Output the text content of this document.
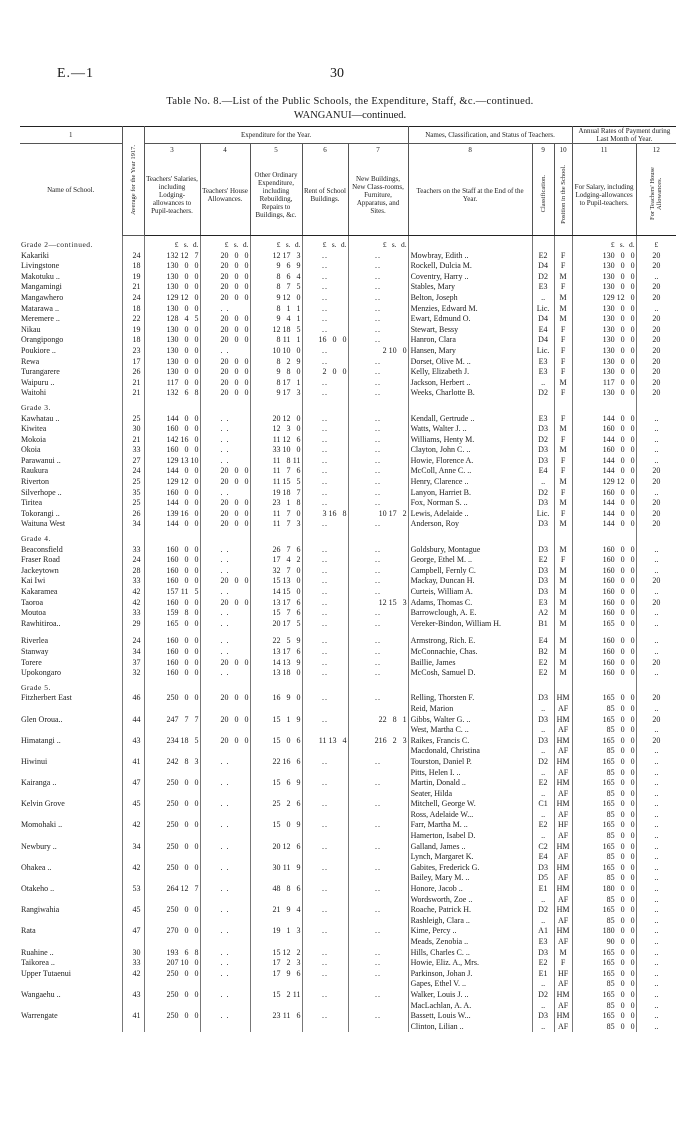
E.—1	30
Table No. 8.—List of the Public Schools, the Expenditure, Staff, &c.—continued.
WANGANUI—continued.
1	Average for the Year 1917.	Expenditure for the Year.					Names, Classification, and Status of Teachers.			Annual Rates of Payment during Last Month of Year.	
Name of School.		3	4	5	6	7	8	9	10	11	12
		Teachers' Salaries, including Lodging-allowances to Pupil-teachers.	Teachers' House Allowances.	Other Ordinary Expenditure, including Rebuilding, Repairs to Buildings, &c.	Rent of School Buildings.	New Buildings, New Class-rooms, Furniture, Apparatus, and Sites.	Teachers on the Staff at the End of the Year.	Classification.	Position in the School.	For Salary, including Lodging-allowances to Pupil-teachers.	For Teachers' House Allowances.
Grade 2—continued.		£ s. d.	£ s. d.	£ s. d.	£ s. d.	£ s. d.				£ s. d.	£
Kakariki	24	132 12 7	20 0 0	12 17 3	..	..	Mowbray, Edith ..	E2	F	130 0 0	20
Livingstone	18	130 0 0	20 0 0	9 6 9	..	..	Rockell, Dulcia M.	D4	F	130 0 0	20
Makotuku ..	19	130 0 0	20 0 0	8 6 4	..	..	Coventry, Harry ..	D2	M	130 0 0	..
Mangamingi	21	130 0 0	20 0 0	8 7 5	..	..	Stables, Mary	E3	F	130 0 0	20
Mangawhero	24	129 12 0	20 0 0	9 12 0	..	..	Belton, Joseph	..	M	129 12 0	20
Matarawa ..	18	130 0 0	. .	8 1 1	..	..	Menzies, Edward M.	Lic.	M	130 0 0	..
Meremere ..	22	128 4 5	20 0 0	9 4 1	..	..	Ewart, Edmund O.	D4	M	130 0 0	20
Nikau	19	130 0 0	20 0 0	12 18 5	..	..	Stewart, Bessy	E4	F	130 0 0	20
Orangipongo	18	130 0 0	20 0 0	8 11 1	16 0 0	..	Hanron, Clara	D4	F	130 0 0	20
Poukiore ..	23	130 0 0	. .	10 10 0	..	2 10 0	Hansen, Mary	Lic.	F	130 0 0	20
Rewa	17	130 0 0	20 0 0	8 2 9	..	..	Dorset, Olive M. ..	E3	F	130 0 0	20
Turangarere	26	130 0 0	20 0 0	9 8 0	2 0 0	..	Kelly, Elizabeth J.	E3	F	130 0 0	20
Waipuru ..	21	117 0 0	20 0 0	8 17 1	..	..	Jackson, Herbert ..	..	M	117 0 0	20
Waitohi	21	132 6 8	20 0 0	9 17 3	..	..	Weeks, Charlotte B.	D2	F	130 0 0	20
Grade 3.											
Kawhatau ..	25	144 0 0	. .	20 12 0	..	..	Kendall, Gertrude ..	E3	F	144 0 0	..
Kiwitea	30	160 0 0	. .	12 3 0	..	..	Watts, Walter J. ..	D3	M	160 0 0	..
Mokoia	21	142 16 0	. .	11 12 6	..	..	Williams, Henty M.	D2	F	144 0 0	..
Okoia	33	160 0 0	. .	33 10 0	..	..	Clayton, John C. ..	D3	M	160 0 0	..
Parawanui ..	27	129 13 10	. .	11 8 11	..	..	Howie, Florence A.	D3	F	144 0 0	..
Raukura	24	144 0 0	20 0 0	11 7 6	..	..	McColl, Anne C. ..	E4	F	144 0 0	20
Riverton	25	129 12 0	20 0 0	11 15 5	..	..	Henry, Clarence ..	..	M	129 12 0	20
Silverhope ..	35	160 0 0	. .	19 18 7	..	..	Lanyon, Harriet B.	D2	F	160 0 0	..
Tiritea	25	144 0 0	20 0 0	23 1 8	..	..	Fox, Norman S. ..	D3	M	144 0 0	20
Tokorangi ..	26	139 16 0	20 0 0	11 7 0	3 16 8	10 17 2	Lewis, Adelaide ..	Lic.	F	144 0 0	20
Waituna West	34	144 0 0	20 0 0	11 7 3	..	..	Anderson, Roy	D3	M	144 0 0	20
Grade 4.											
Beaconsfield	33	160 0 0	. .	26 7 6	..	..	Goldsbury, Montague	D3	M	160 0 0	..
Fraser Road	24	160 0 0	. .	17 4 2	..	..	George, Ethel M. ..	E2	F	160 0 0	..
Jackeytown	28	160 0 0	. .	32 7 0	..	..	Campbell, Fernly C.	D3	M	160 0 0	..
Kai Iwi	33	160 0 0	20 0 0	15 13 0	..	..	Mackay, Duncan H.	D3	M	160 0 0	20
Kakaramea	42	157 11 5	. .	14 15 0	..	..	Curteis, William A.	D3	M	160 0 0	..
Taoroa	42	160 0 0	20 0 0	13 17 6	..	12 15 3	Adams, Thomas C.	E3	M	160 0 0	20
Moutoa	33	159 8 0	. .	15 7 6	..	..	Barrowclough, A. E.	A2	M	160 0 0	..
Rawhitiroa..	29	165 0 0	. .	20 17 5	..	..	Vereker-Bindon, William H.	B1	M	165 0 0	..

Riverlea	24	160 0 0	. .	22 5 9	..	..	Armstrong, Rich. E.	E4	M	160 0 0	..
Stanway	34	160 0 0	. .	13 17 6	..	..	McConnachie, Chas.	B2	M	160 0 0	..
Torere	37	160 0 0	20 0 0	14 13 9	..	..	Baillie, James	E2	M	160 0 0	20
Upokongaro	32	160 0 0	. .	13 18 0	..	..	McCosh, Samuel D.	E2	M	160 0 0	..
Grade 5.											
Fitzherbert East	46	250 0 0	20 0 0	16 9 0	..	..	Relling, Thorsten F.	D3	HM	165 0 0	20
							Reid, Marion	..	AF	85 0 0	..
Glen Oroua..	44	247 7 7	20 0 0	15 1 9	..	22 8 1	Gibbs, Walter G. ..	D3	HM	165 0 0	20
							West, Martha C. ..	..	AF	85 0 0	..
Himatangi ..	43	234 18 5	20 0 0	15 0 6	11 13 4	216 2 3	Raikes, Francis C.	D3	HM	165 0 0	20
							Macdonald, Christina	..	AF	85 0 0	..
Hiwinui	41	242 8 3	. .	22 16 6	..	..	Tourston, Daniel P.	D2	HM	165 0 0	..
							Pitts, Helen I. ..	..	AF	85 0 0	..
Kairanga ..	47	250 0 0	. .	15 6 9	..	..	Martin, Donald ..	E2	HM	165 0 0	..
							Seater, Hilda	..	AF	85 0 0	..
Kelvin Grove	45	250 0 0	. .	25 2 6	..	..	Mitchell, George W.	C1	HM	165 0 0	..
							Ross, Adelaide W...	..	AF	85 0 0	..
Momohaki ..	42	250 0 0	. .	15 0 9	..	..	Farr, Martha M. ..	E2	HF	165 0 0	..
							Hamerton, Isabel D.	..	AF	85 0 0	..
Newbury ..	34	250 0 0	. .	20 12 6	..	..	Galland, James ..	C2	HM	165 0 0	..
							Lynch, Margaret K.	E4	AF	85 0 0	..
Ohakea ..	42	250 0 0	. .	30 11 9	..	..	Gabites, Frederick G.	D3	HM	165 0 0	..
							Bailey, Mary M. ..	D5	AF	85 0 0	..
Otakeho ..	53	264 12 7	. .	48 8 6	..	..	Honore, Jacob ..	E1	HM	180 0 0	..
							Wordsworth, Zoe ..	..	AF	85 0 0	..
Rangiwahia	45	250 0 0	. .	21 9 4	..	..	Roache, Patrick H.	D2	HM	165 0 0	..
							Rashleigh, Clara ..	..	AF	85 0 0	..
Rata	47	270 0 0	. .	19 1 3	..	..	Kime, Percy ..	A1	HM	180 0 0	..
							Meads, Zenobia ..	E3	AF	90 0 0	..
Ruahine ..	30	193 6 8	. .	15 12 2	..	..	Hills, Charles C. ..	D3	M	165 0 0	..
Taikorea ..	33	207 10 0	. .	17 2 3	..	..	Howie, Eliz. A., Mrs.	E2	F	165 0 0	..
Upper Tutaenui	42	250 0 0	. .	17 9 6	..	..	Parkinson, Johan J.	E1	HF	165 0 0	..
							Gapes, Ethel V. ..	..	AF	85 0 0	..
Wangaehu ..	43	250 0 0	. .	15 2 11	..	..	Walker, Louis J. ..	D2	HM	165 0 0	..
							MacLachlan, A. A.	..	AF	85 0 0	..
Warrengate	41	250 0 0	. .	23 11 6	..	..	Bassett, Louis W...	D3	HM	165 0 0	..
							Clinton, Lilian ..	..	AF	85 0 0	..
